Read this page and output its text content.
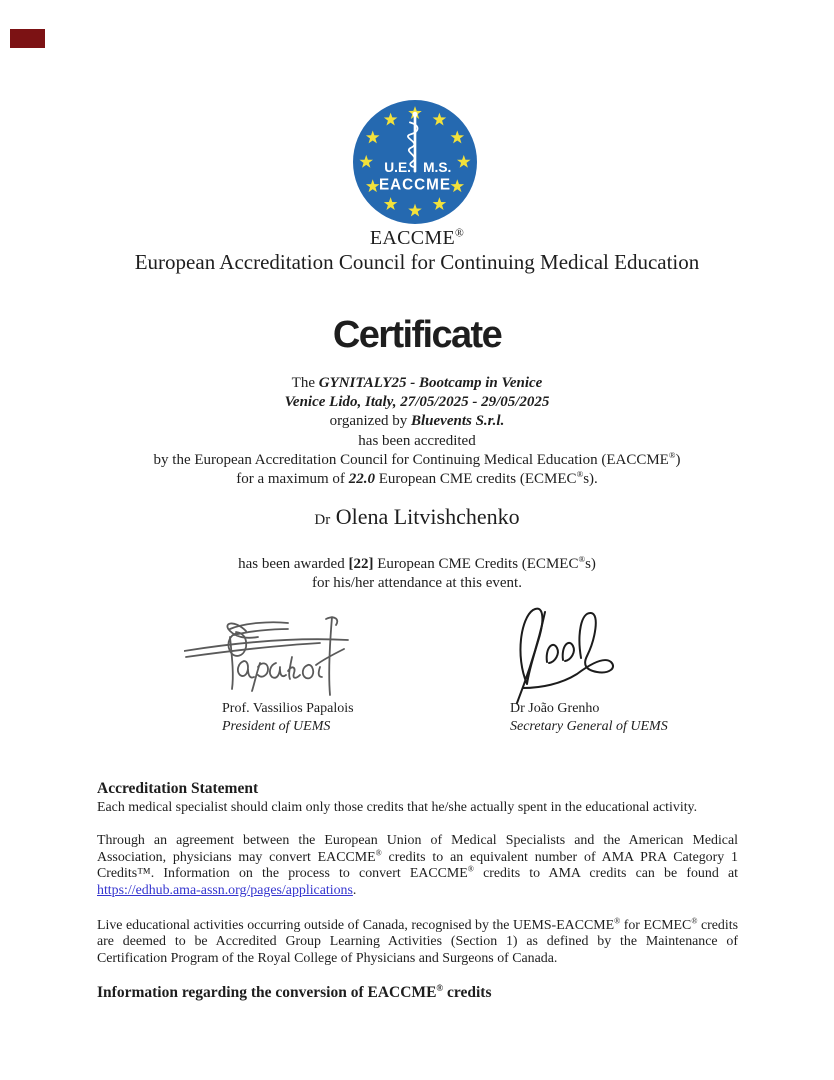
U.E. M.S.
EACCME
EACCME®
European Accreditation Council for Continuing Medical Education
Certificate
The GYNITALY25 - Bootcamp in Venice
Venice Lido, Italy, 27/05/2025 - 29/05/2025
organized by Bluevents S.r.l.
has been accredited
by the European Accreditation Council for Continuing Medical Education (EACCME®)
for a maximum of 22.0 European CME credits (ECMEC®s).
Dr Olena Litvishchenko
has been awarded [22] European CME Credits (ECMEC®s)
for his/her attendance at this event.
Prof. Vassilios Papalois
President of UEMS
Dr João Grenho
Secretary General of UEMS
Accreditation Statement
Each medical specialist should claim only those credits that he/she actually spent in the educational activity.
Through an agreement between the European Union of Medical Specialists and the American Medical
Association, physicians may convert EACCME® credits to an equivalent number of AMA PRA Category 1
Credits™. Information on the process to convert EACCME® credits to AMA credits can be found at
https://edhub.ama-assn.org/pages/applications.
Live educational activities occurring outside of Canada, recognised by the UEMS-EACCME® for ECMEC® credits
are deemed to be Accredited Group Learning Activities (Section 1) as defined by the Maintenance of
Certification Program of the Royal College of Physicians and Surgeons of Canada.
Information regarding the conversion of EACCME® credits
